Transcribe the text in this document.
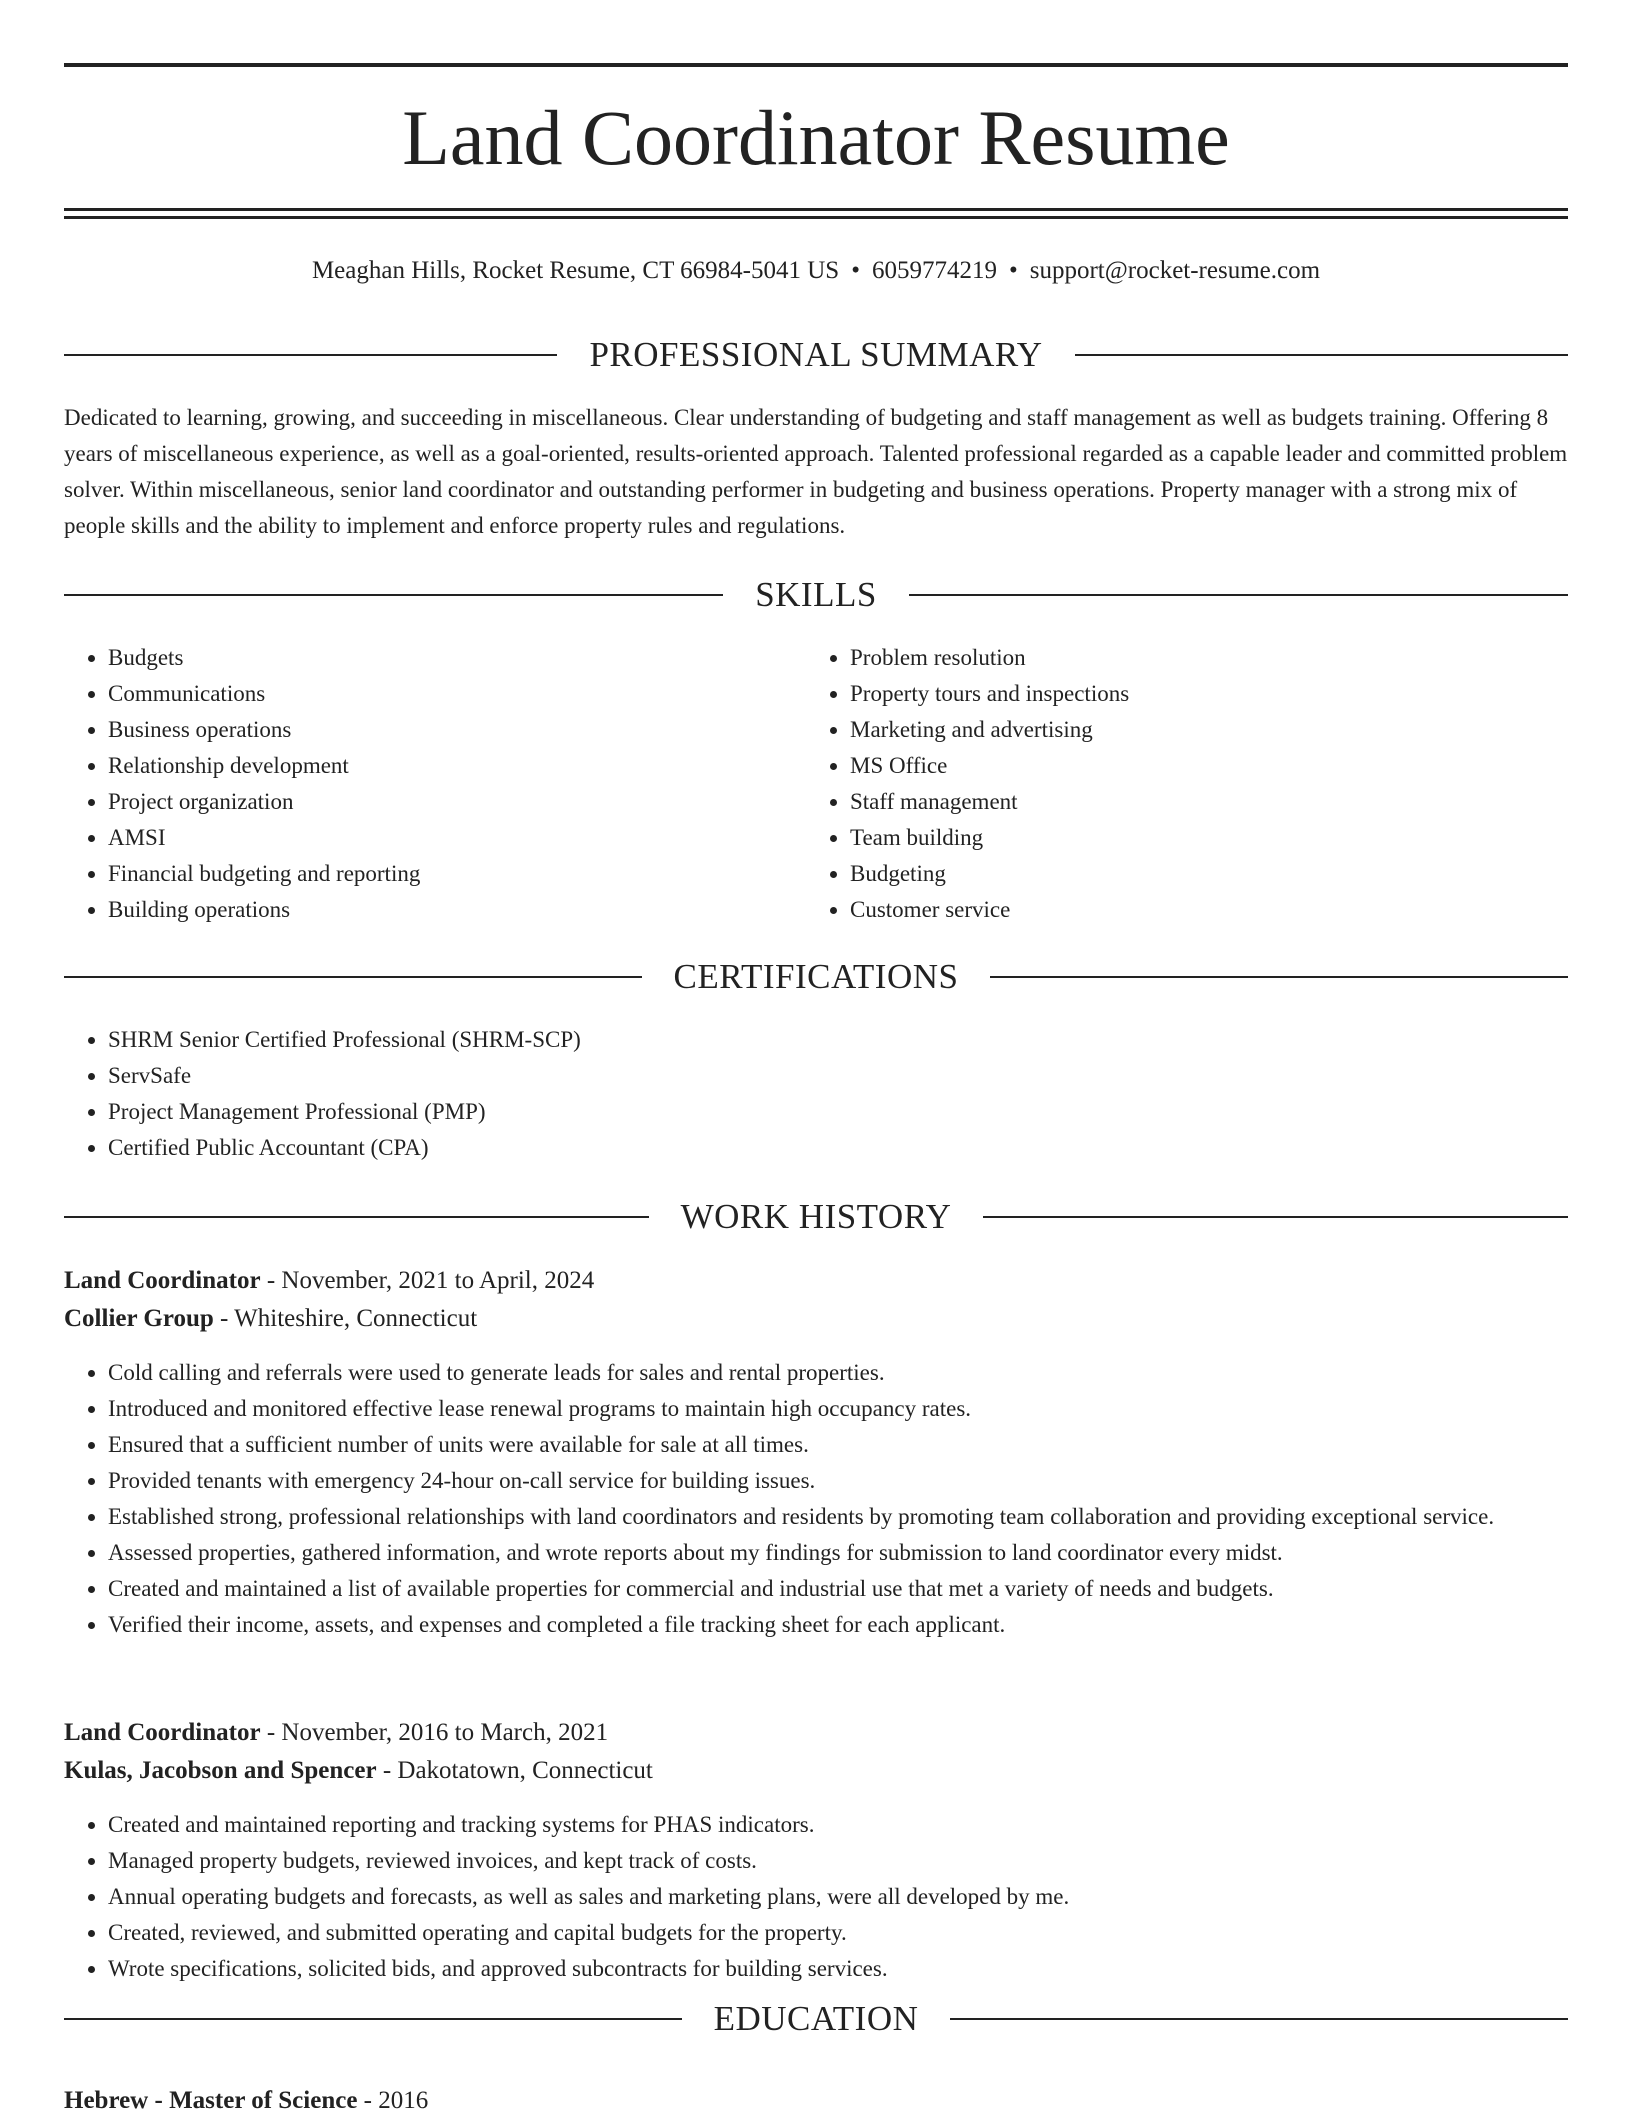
Land Coordinator Resume
Meaghan Hills, Rocket Resume, CT 66984-5041 US • 6059774219 • support@rocket-resume.com
PROFESSIONAL SUMMARY

Dedicated to learning, growing, and succeeding in miscellaneous. Clear understanding of budgeting and staff management as well as budgets training. Offering 8 years of miscellaneous experience, as well as a goal-oriented, results-oriented approach. Talented professional regarded as a capable leader and committed problem solver. Within miscellaneous, senior land coordinator and outstanding performer in budgeting and business operations. Property manager with a strong mix of people skills and the ability to implement and enforce property rules and regulations.

SKILLS
• Budgets
• Communications
• Business operations
• Relationship development
• Project organization
• AMSI
• Financial budgeting and reporting
• Building operations
• Problem resolution
• Property tours and inspections
• Marketing and advertising
• MS Office
• Staff management
• Team building
• Budgeting
• Customer service
CERTIFICATIONS
• SHRM Senior Certified Professional (SHRM-SCP)
• ServSafe
• Project Management Professional (PMP)
• Certified Public Accountant (CPA)
WORK HISTORY
Land Coordinator - November, 2021 to April, 2024
Collier Group - Whiteshire, Connecticut
• Cold calling and referrals were used to generate leads for sales and rental properties.
• Introduced and monitored effective lease renewal programs to maintain high occupancy rates.
• Ensured that a sufficient number of units were available for sale at all times.
• Provided tenants with emergency 24-hour on-call service for building issues.
• Established strong, professional relationships with land coordinators and residents by promoting team collaboration and providing exceptional service.
• Assessed properties, gathered information, and wrote reports about my findings for submission to land coordinator every midst.
• Created and maintained a list of available properties for commercial and industrial use that met a variety of needs and budgets.
• Verified their income, assets, and expenses and completed a file tracking sheet for each applicant.
Land Coordinator - November, 2016 to March, 2021
Kulas, Jacobson and Spencer - Dakotatown, Connecticut
• Created and maintained reporting and tracking systems for PHAS indicators.
• Managed property budgets, reviewed invoices, and kept track of costs.
• Annual operating budgets and forecasts, as well as sales and marketing plans, were all developed by me.
• Created, reviewed, and submitted operating and capital budgets for the property.
• Wrote specifications, solicited bids, and approved subcontracts for building services.
EDUCATION
Hebrew - Master of Science - 2016
